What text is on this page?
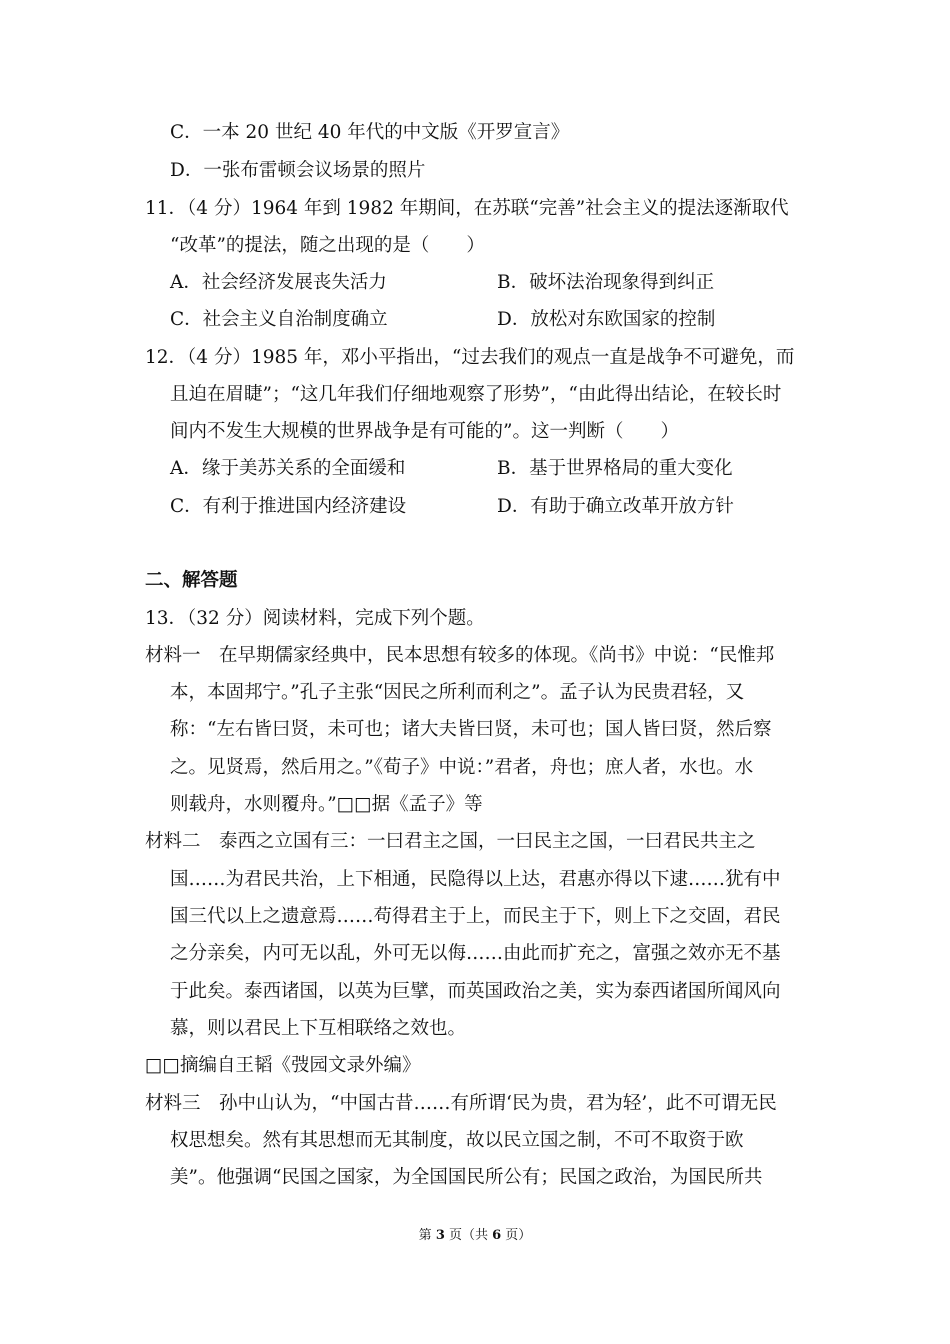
C．一本 20 世纪 40 年代的中文版《开罗宣言》
D．一张布雷顿会议场景的照片
11．（4 分）1964 年到 1982 年期间，在苏联“完善”社会主义的提法逐渐取代
“改革”的提法，随之出现的是（　　）
A．社会经济发展丧失活力	B．破坏法治现象得到纠正
C．社会主义自治制度确立	D．放松对东欧国家的控制
12．（4 分）1985 年，邓小平指出，“过去我们的观点一直是战争不可避免，而
且迫在眉睫”；“这几年我们仔细地观察了形势”，“由此得出结论，在较长时
间内不发生大规模的世界战争是有可能的”。这一判断（　　）
A．缘于美苏关系的全面缓和	B．基于世界格局的重大变化
C．有利于推进国内经济建设	D．有助于确立改革开放方针
二、解答题
13．（32 分）阅读材料，完成下列个题。
材料一　在早期儒家经典中，民本思想有较多的体现。《尚书》中说：“民惟邦
本，本固邦宁。”孔子主张“因民之所利而利之”。孟子认为民贵君轻，又
称：“左右皆曰贤，未可也；诸大夫皆曰贤，未可也；国人皆曰贤，然后察
之。见贤焉，然后用之。”《荀子》中说：”君者，舟也；庶人者，水也。水
则载舟，水则覆舟。”□□据《孟子》等
材料二　泰西之立国有三：一曰君主之国，一曰民主之国，一曰君民共主之
国……为君民共治，上下相通，民隐得以上达，君惠亦得以下逮……犹有中
国三代以上之遗意焉……苟得君主于上，而民主于下，则上下之交固，君民
之分亲矣，内可无以乱，外可无以侮……由此而扩充之，富强之效亦无不基
于此矣。泰西诸国，以英为巨擘，而英国政治之美，实为泰西诸国所闻风向
慕，则以君民上下互相联络之效也。
□□摘编自王韬《弢园文录外编》
材料三　孙中山认为，“中国古昔……有所谓‘民为贵，君为轻’，此不可谓无民
权思想矣。然有其思想而无其制度，故以民立国之制，不可不取资于欧
美”。他强调“民国之国家，为全国国民所公有；民国之政治，为国民所共
第 3 页（共 6 页）
